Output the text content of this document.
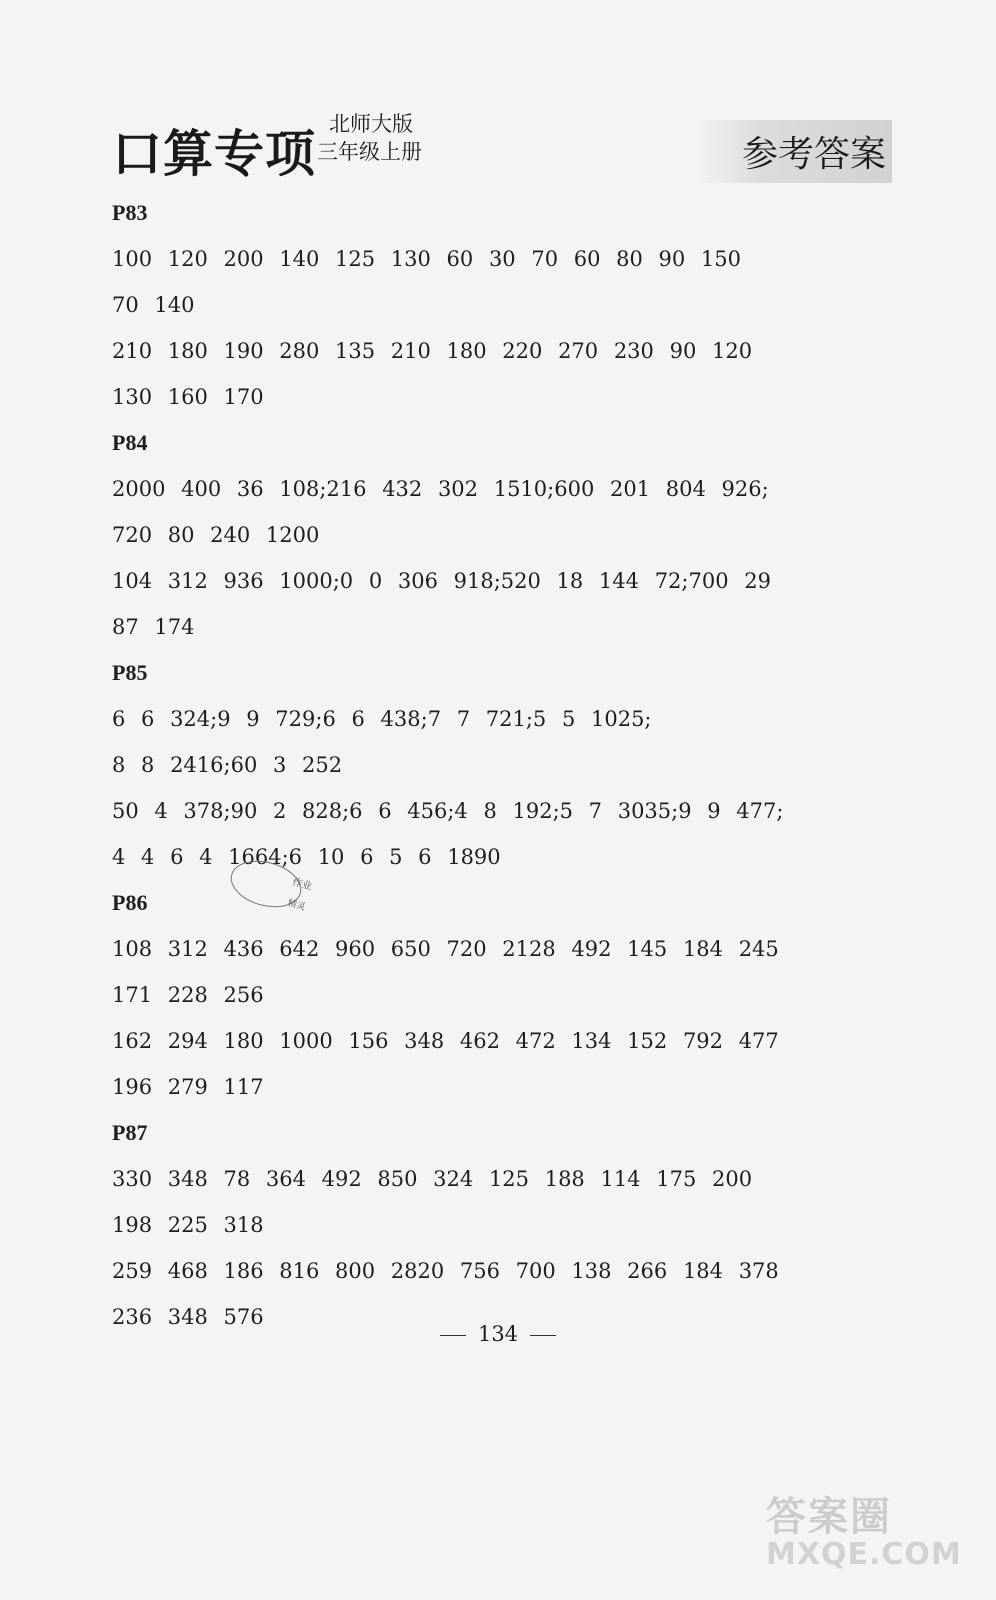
口算专项
北师大版
三年级上册	参考答案
P83
100 120 200 140 125 130 60 30 70 60 80 90 150
70 140
210 180 190 280 135 210 180 220 270 230 90 120
130 160 170
P84
2000 400 36 108;216 432 302 1510;600 201 804 926;
720 80 240 1200
104 312 936 1000;0 0 306 918;520 18 144 72;700 29
87 174
P85
6 6 324;9 9 729;6 6 438;7 7 721;5 5 1025;
8 8 2416;60 3 252
50 4 378;90 2 828;6 6 456;4 8 192;5 7 3035;9 9 477;
4 4 6 4 1664;6 10 6 5 6 1890
P86
108 312 436 642 960 650 720 2128 492 145 184 245
171 228 256
162 294 180 1000 156 348 462 472 134 152 792 477
196 279 117
P87
330 348 78 364 492 850 324 125 188 114 175 200
198 225 318
259 468 186 816 800 2820 756 700 138 266 184 378
236 348 576
作业
精灵
134
答案圈
MXQE.COM
